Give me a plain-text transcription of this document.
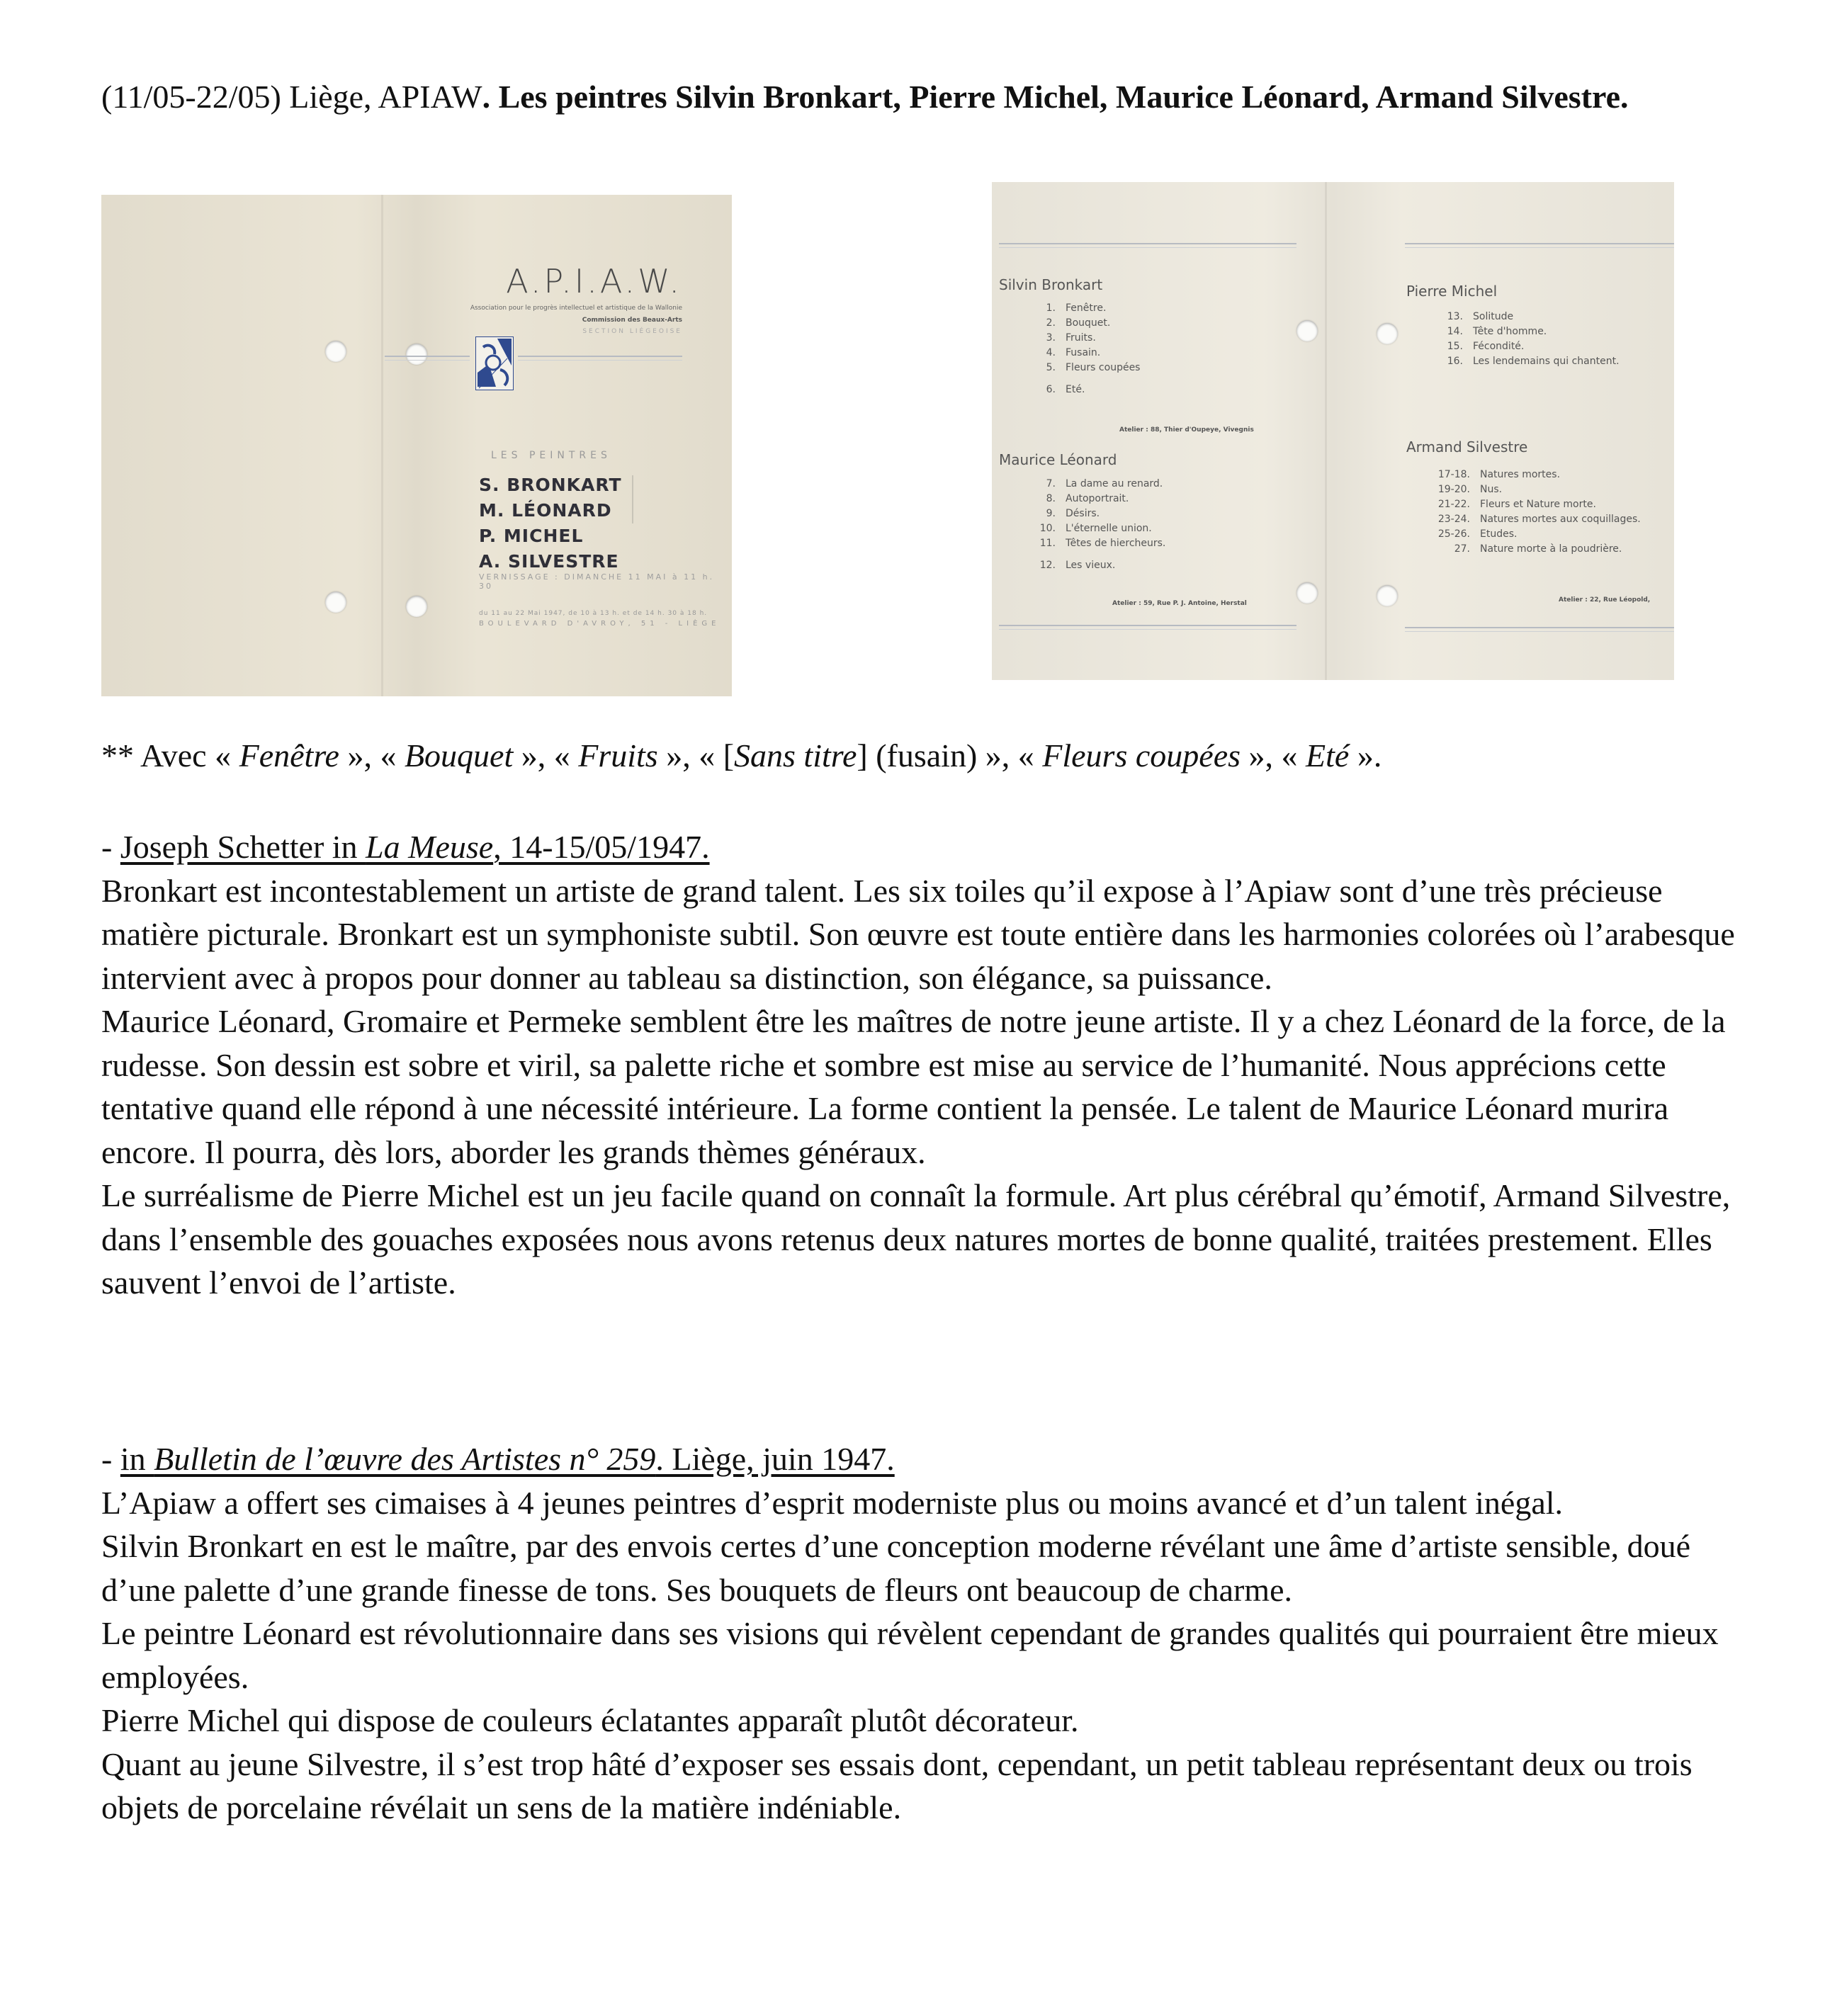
(11/05-22/05) Liège, APIAW. Les peintres Silvin Bronkart, Pierre Michel, Maurice Léonard, Armand Silvestre.
A.P.I.A.W.
Association pour le progrès intellectuel et artistique de la Wallonie
Commission des Beaux-Arts
SECTION LIÉGEOISE
LES PEINTRES
S. BRONKART
M. LÉONARD
P. MICHEL
A. SILVESTRE
VERNISSAGE : DIMANCHE 11 MAI à 11 h. 30
du 11 au 22 Mai 1947, de 10 à 13 h. et de 14 h. 30 à 18 h.
BOULEVARD D'AVROY, 51 - LIÈGE
Silvin Bronkart
1. Fenêtre.
2. Bouquet.
3. Fruits.
4. Fusain.
5. Fleurs coupées
6. Eté.
Atelier : 88, Thier d'Oupeye, Vivegnis
Maurice Léonard
7. La dame au renard.
8. Autoportrait.
9. Désirs.
10. L'éternelle union.
11. Têtes de hiercheurs.
12. Les vieux.
Atelier : 59, Rue P. J. Antoine, Herstal
Pierre Michel
13. Solitude
14. Tête d'homme.
15. Fécondité.
16. Les lendemains qui chantent.
Armand Silvestre
17-18. Natures mortes.
19-20. Nus.
21-22. Fleurs et Nature morte.
23-24. Natures mortes aux coquillages.
25-26. Etudes.
27. Nature morte à la poudrière.
Atelier : 22, Rue Léopold,
** Avec « Fenêtre », « Bouquet », « Fruits », « [Sans titre] (fusain) », « Fleurs coupées », « Eté ».

- Joseph Schetter in La Meuse, 14-15/05/1947.

Bronkart est incontestablement un artiste de grand talent. Les six toiles qu’il expose à l’Apiaw sont d’une très précieuse matière picturale. Bronkart est un symphoniste subtil. Son œuvre est toute entière dans les harmonies colorées où l’arabesque intervient avec à propos pour donner au tableau sa distinction, son élégance, sa puissance.

Maurice Léonard, Gromaire et Permeke semblent être les maîtres de notre jeune artiste. Il y a chez Léonard de la force, de la rudesse. Son dessin est sobre et viril, sa palette riche et sombre est mise au service de l’humanité. Nous apprécions cette tentative quand elle répond à une nécessité intérieure. La forme contient la pensée. Le talent de Maurice Léonard murira encore. Il pourra, dès lors, aborder les grands thèmes généraux.

Le surréalisme de Pierre Michel est un jeu facile quand on connaît la formule. Art plus cérébral qu’émotif, Armand Silvestre, dans l’ensemble des gouaches exposées nous avons retenus deux natures mortes de bonne qualité, traitées prestement. Elles sauvent l’envoi de l’artiste.

- in Bulletin de l’œuvre des Artistes n° 259. Liège, juin 1947.

L’Apiaw a offert ses cimaises à 4 jeunes peintres d’esprit moderniste plus ou moins avancé et d’un talent inégal.

Silvin Bronkart en est le maître, par des envois certes d’une conception moderne révélant une âme d’artiste sensible, doué d’une palette d’une grande finesse de tons. Ses bouquets de fleurs ont beaucoup de charme.

Le peintre Léonard est révolutionnaire dans ses visions qui révèlent cependant de grandes qualités qui pourraient être mieux employées.

Pierre Michel qui dispose de couleurs éclatantes apparaît plutôt décorateur.

Quant au jeune Silvestre, il s’est trop hâté d’exposer ses essais dont, cependant, un petit tableau représentant deux ou trois objets de porcelaine révélait un sens de la matière indéniable.
